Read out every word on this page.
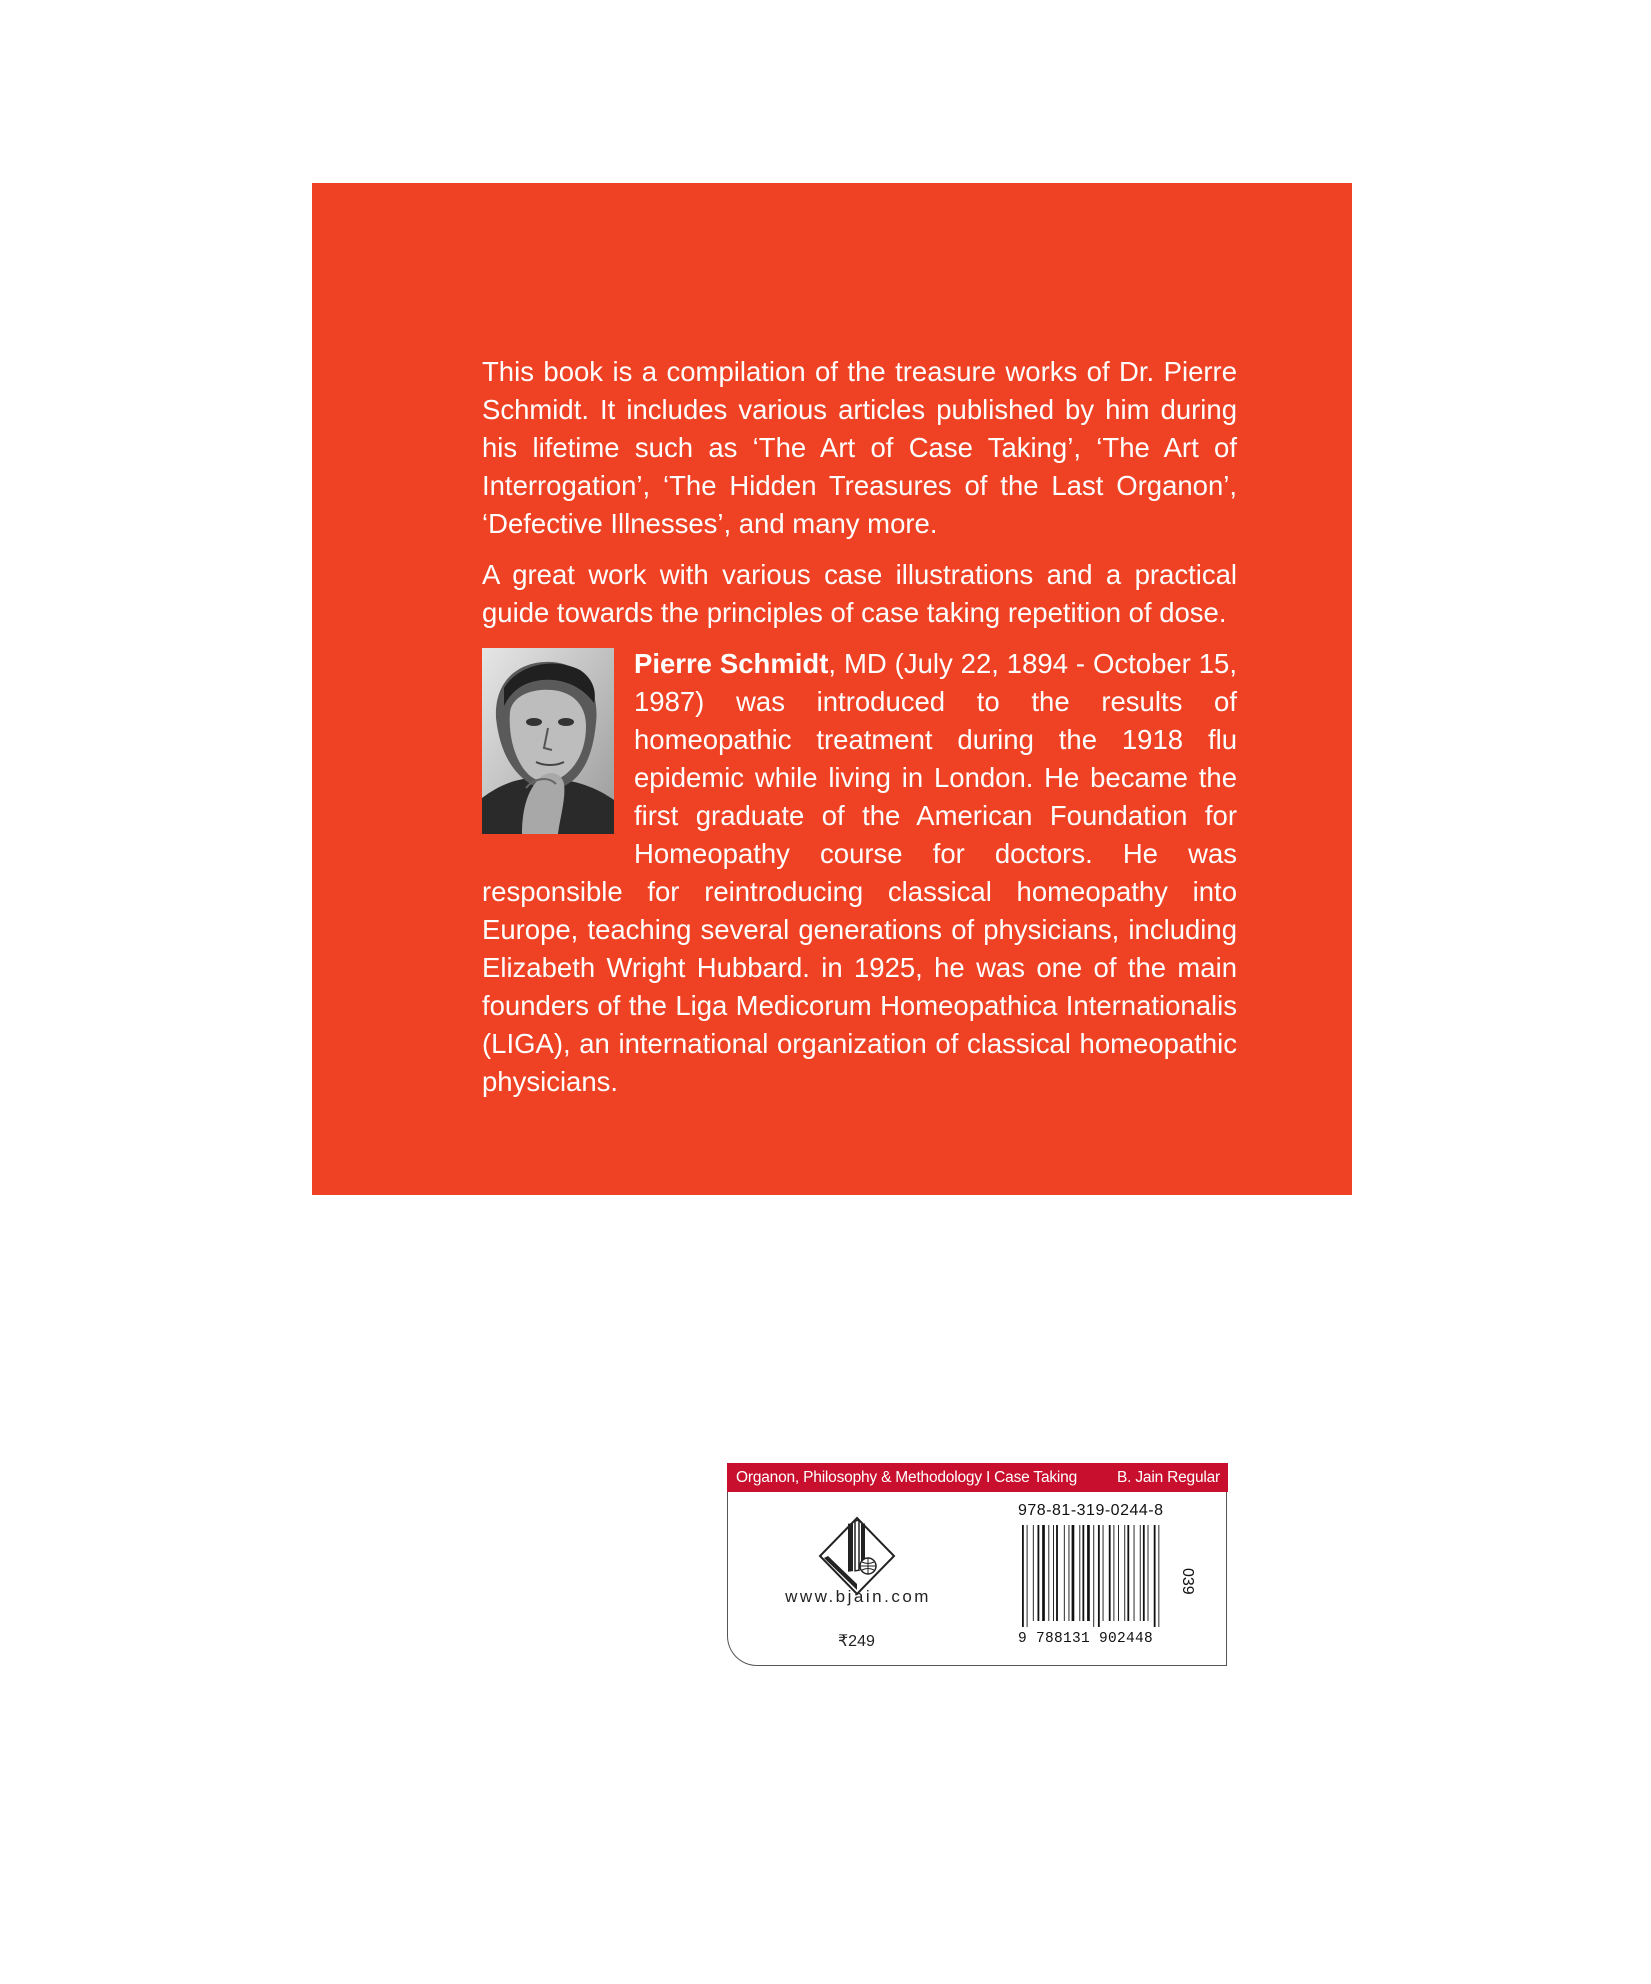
This book is a compilation of the treasure works of Dr. Pierre Schmidt. It includes various articles published by him during his lifetime such as ‘The Art of Case Taking’, ‘The Art of Interrogation’, ‘The Hidden Treasures of the Last Organon’, ‘Defective Illnesses’, and many more.

A great work with various case illustrations and a practical guide towards the principles of case taking repetition of dose.

Pierre Schmidt, MD (July 22, 1894 - October 15, 1987) was introduced to the results of homeopathic treatment during the 1918 flu epidemic while living in London. He became the first graduate of the American Foundation for Homeopathy course for doctors. He was responsible for reintroducing classical homeopathy into Europe, teaching several generations of physicians, including Elizabeth Wright Hubbard. in 1925, he was one of the main founders of the Liga Medicorum Homeopathica Internationalis (LIGA), an international organization of classical homeopathic physicians.

Organon, Philosophy & Methodology I Case Taking	B. Jain Regular
www.bjain.com
₹249
978-81-319-0244-8
9 788131 902448
039
